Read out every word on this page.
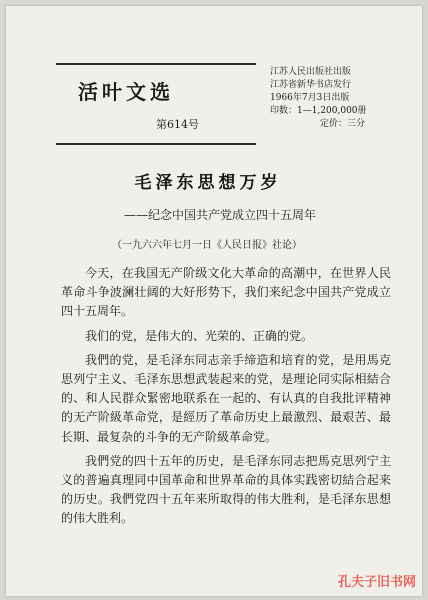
活叶文选
第614号
江苏人民出版社出版
江苏省新华书店发行
1966年7月3日出版
印数：1—1,200,000册
定价：三分
毛泽东思想万岁
——纪念中国共产党成立四十五周年
（一九六六年七月一日《人民日报》社论）

今天，在我国无产阶级文化大革命的高潮中，在世界人民革命斗争波澜壮阔的大好形势下，我们来纪念中国共产党成立四十五周年。

我们的党，是伟大的、光荣的、正确的党。

我們的党，是毛泽东同志亲手缔造和培育的党，是用馬克思列宁主义、毛泽东思想武装起来的党，是理论同实际相結合的、和人民群众緊密地联系在一起的、有认真的自我批评精神的无产阶級革命党，是經历了革命历史上最激烈、最艰苦、最长期、最复杂的斗争的无产阶級革命党。

我們党的四十五年的历史，是毛泽东同志把馬克思列宁主义的普遍真理同中国革命和世界革命的具体实践密切結合起来的历史。我們党四十五年来所取得的伟大胜利，是毛泽东思想的伟大胜利。

孔夫子旧书网
